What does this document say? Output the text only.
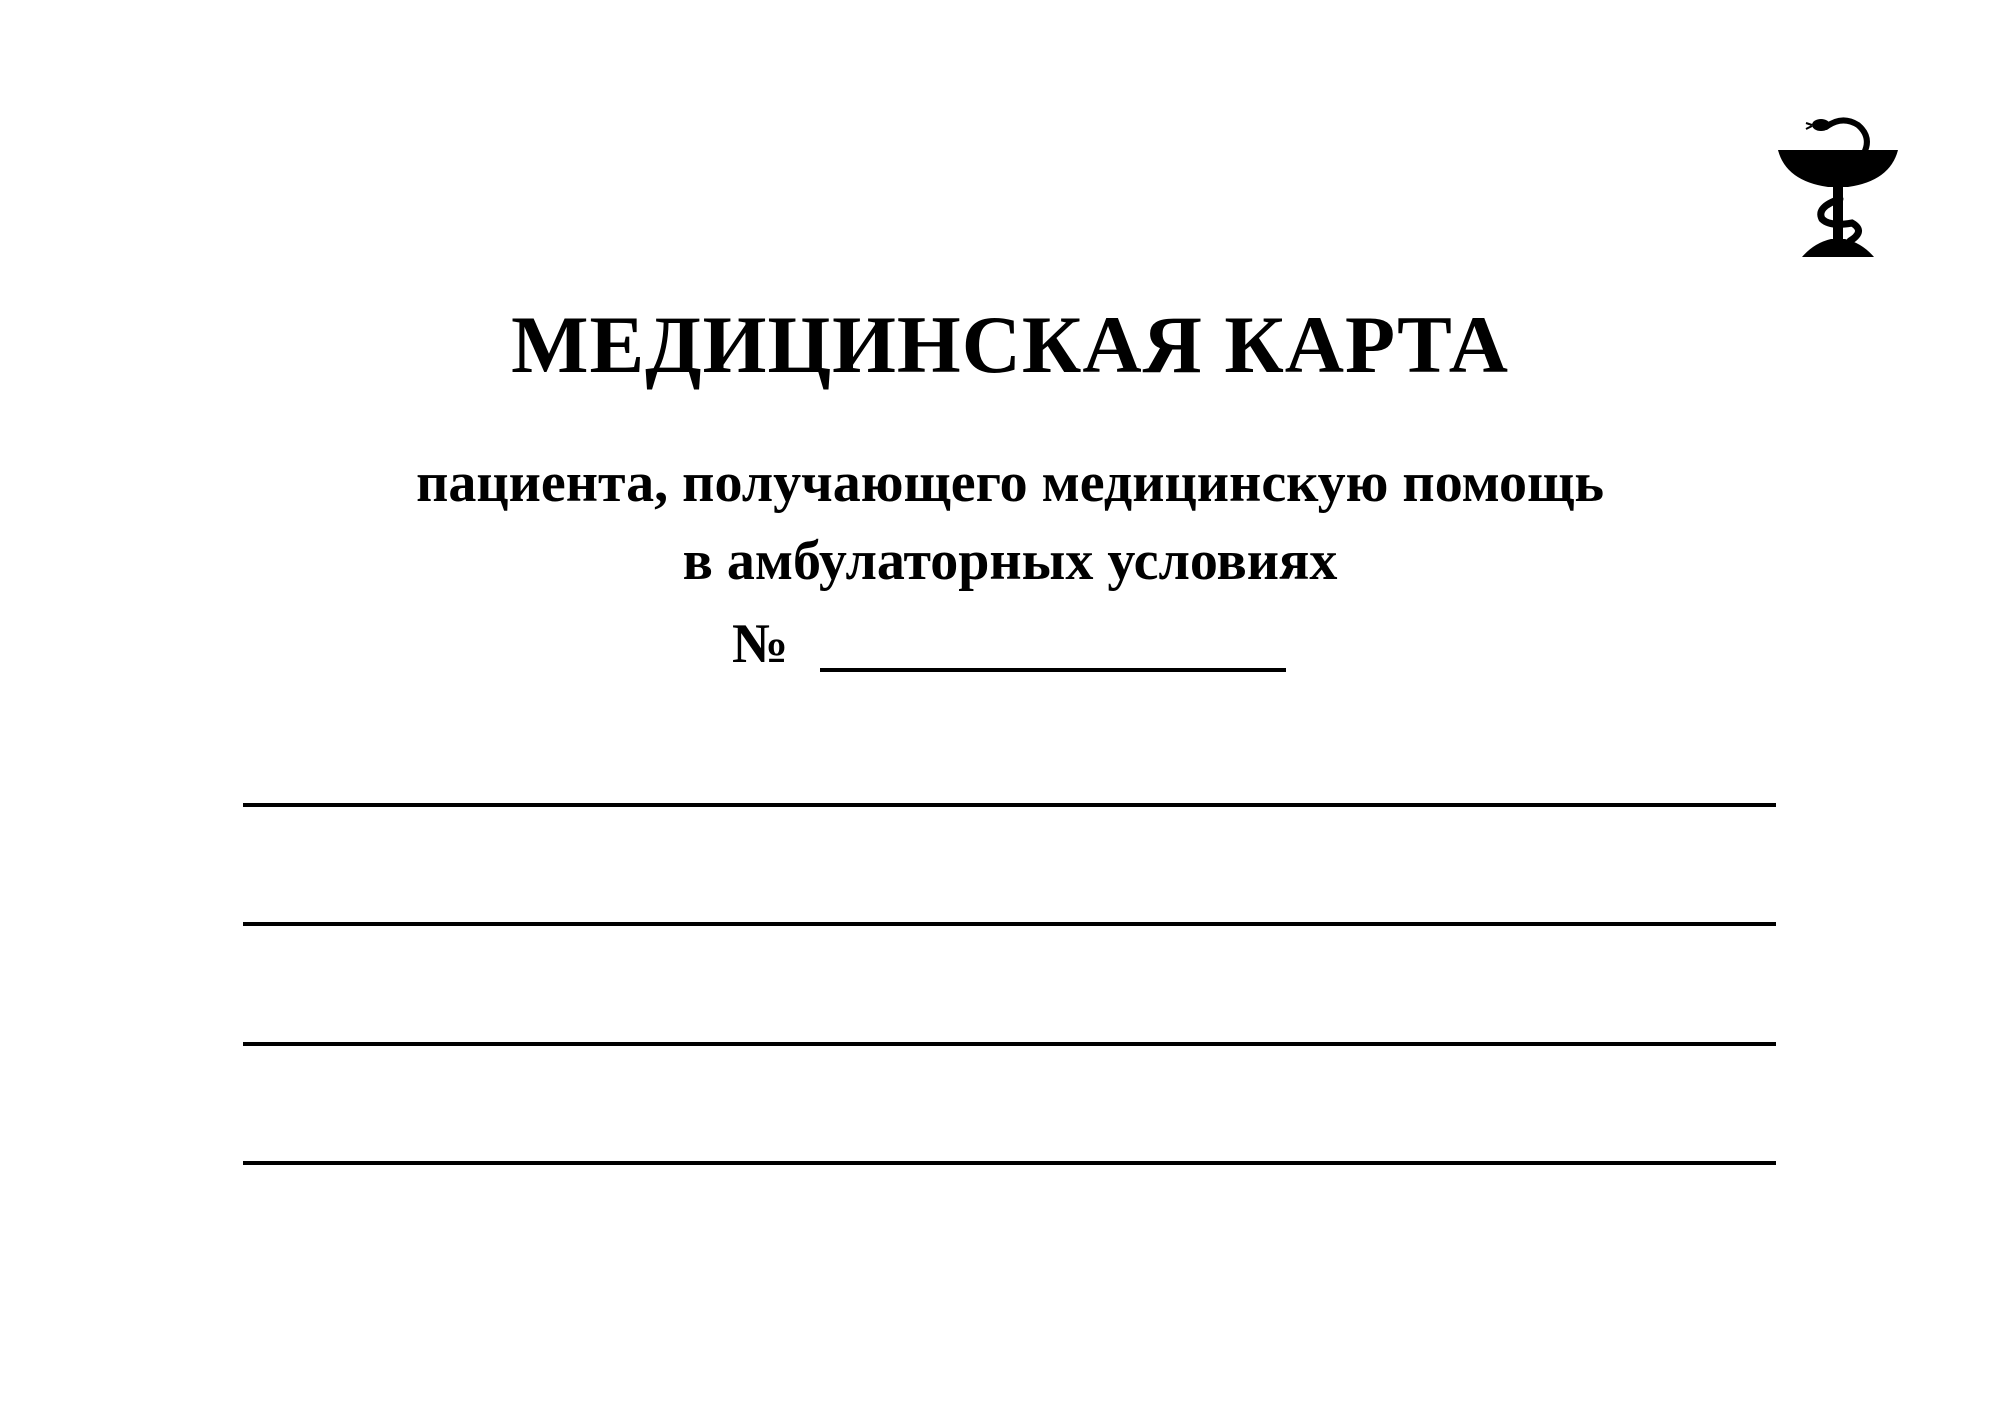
МЕДИЦИНСКАЯ КАРТА
пациента, получающего медицинскую помощь
в амбулаторных условиях
№
